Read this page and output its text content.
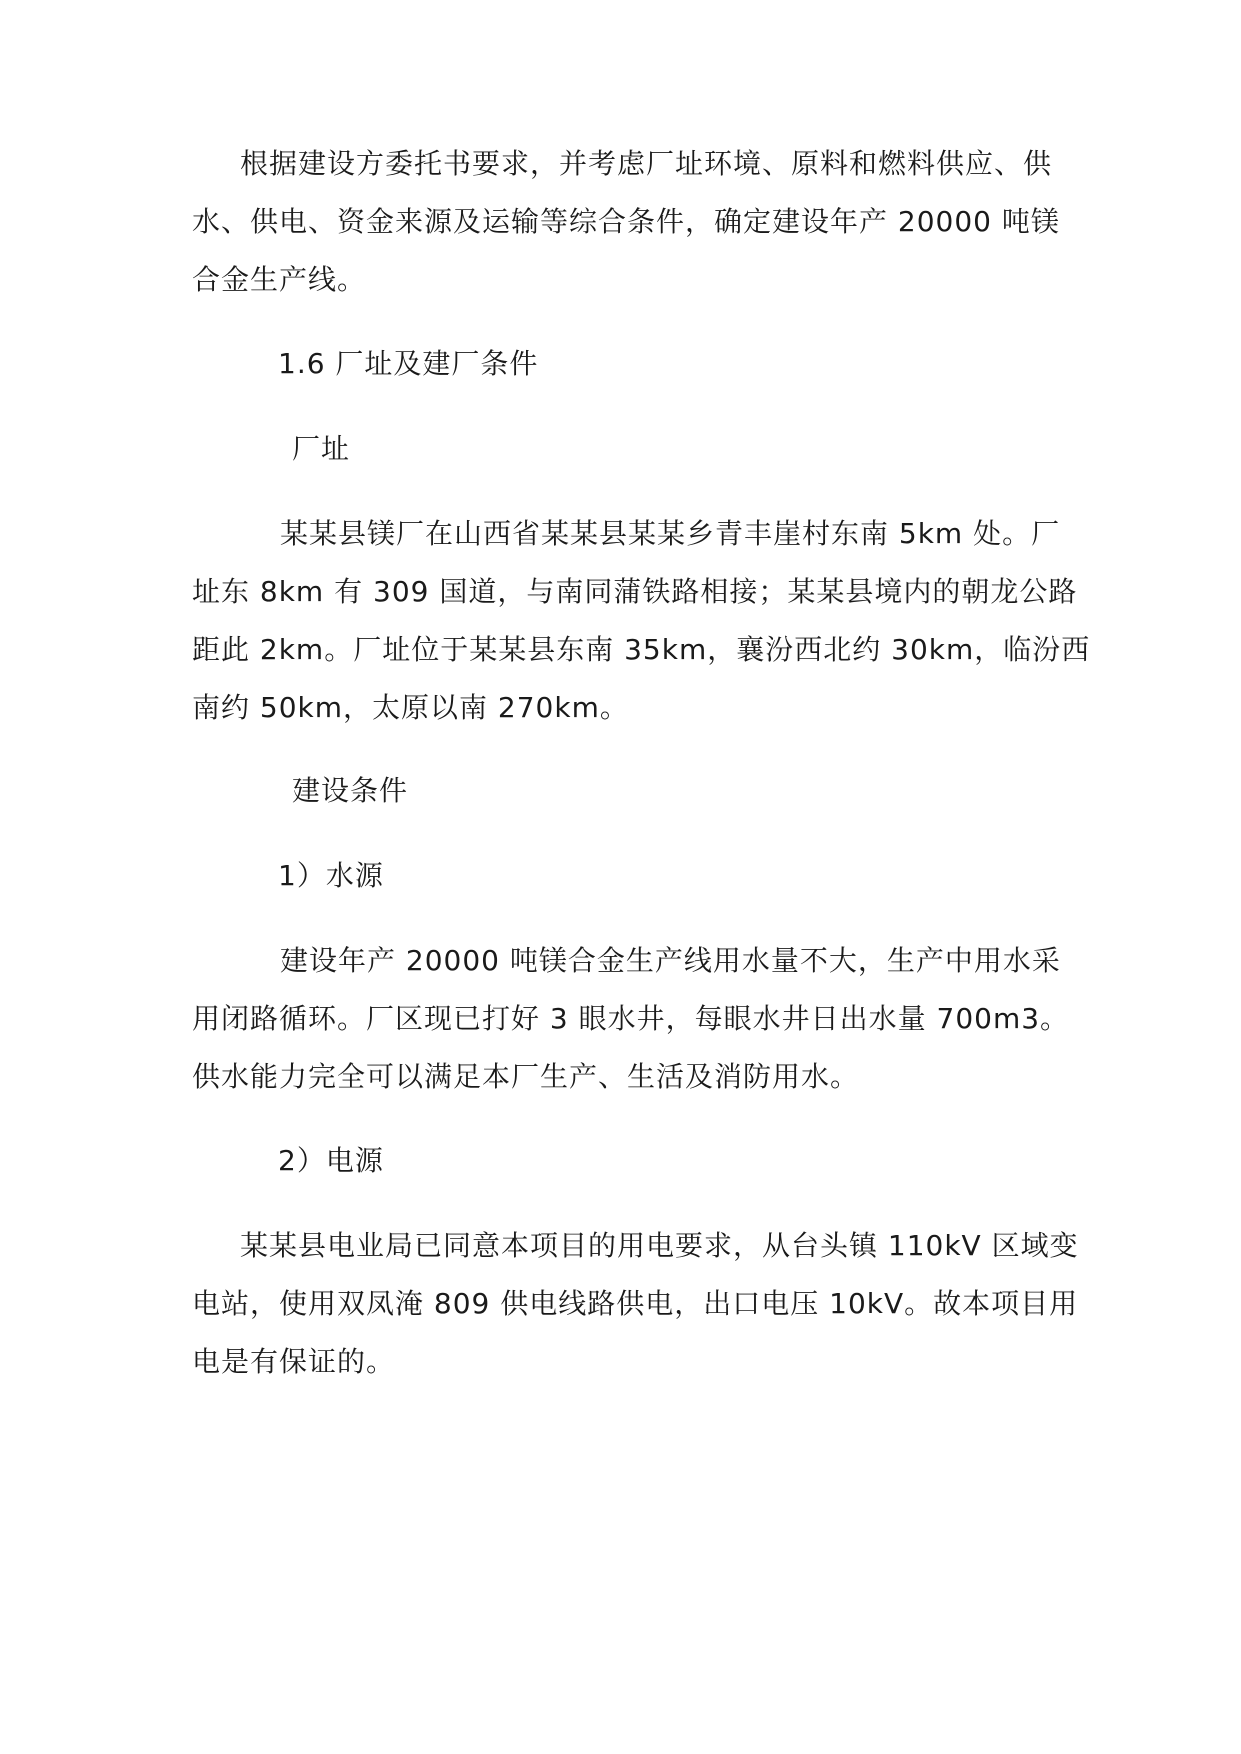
根据建设方委托书要求，并考虑厂址环境、原料和燃料供应、供
水、供电、资金来源及运输等综合条件，确定建设年产 20000 吨镁
合金生产线。
1.6 厂址及建厂条件
厂址
某某县镁厂在山西省某某县某某乡青丰崖村东南 5km 处。厂
址东 8km 有 309 国道，与南同蒲铁路相接；某某县境内的朝龙公路
距此 2km。厂址位于某某县东南 35km，襄汾西北约 30km，临汾西
南约 50km，太原以南 270km。
建设条件
1）水源
建设年产 20000 吨镁合金生产线用水量不大，生产中用水采
用闭路循环。厂区现已打好 3 眼水井，每眼水井日出水量 700m3。
供水能力完全可以满足本厂生产、生活及消防用水。
2）电源
某某县电业局已同意本项目的用电要求，从台头镇 110kV 区域变
电站，使用双凤淹 809 供电线路供电，出口电压 10kV。故本项目用
电是有保证的。
